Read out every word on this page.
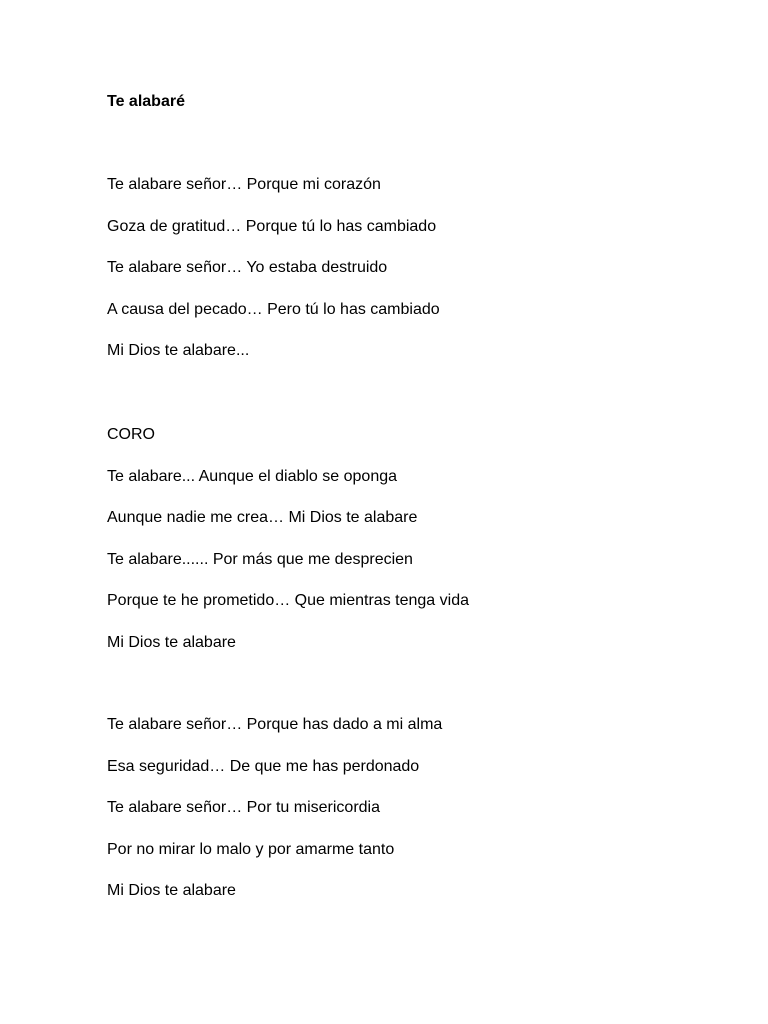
Te alabaré
Te alabare señor… Porque mi corazón
Goza de gratitud… Porque tú lo has cambiado
Te alabare señor… Yo estaba destruido
A causa del pecado… Pero tú lo has cambiado
Mi Dios te alabare...
CORO
Te alabare... Aunque el diablo se oponga
Aunque nadie me crea… Mi Dios te alabare
Te alabare...... Por más que me desprecien
Porque te he prometido… Que mientras tenga vida
Mi Dios te alabare
Te alabare señor… Porque has dado a mi alma
Esa seguridad… De que me has perdonado
Te alabare señor… Por tu misericordia
Por no mirar lo malo y por amarme tanto
Mi Dios te alabare
